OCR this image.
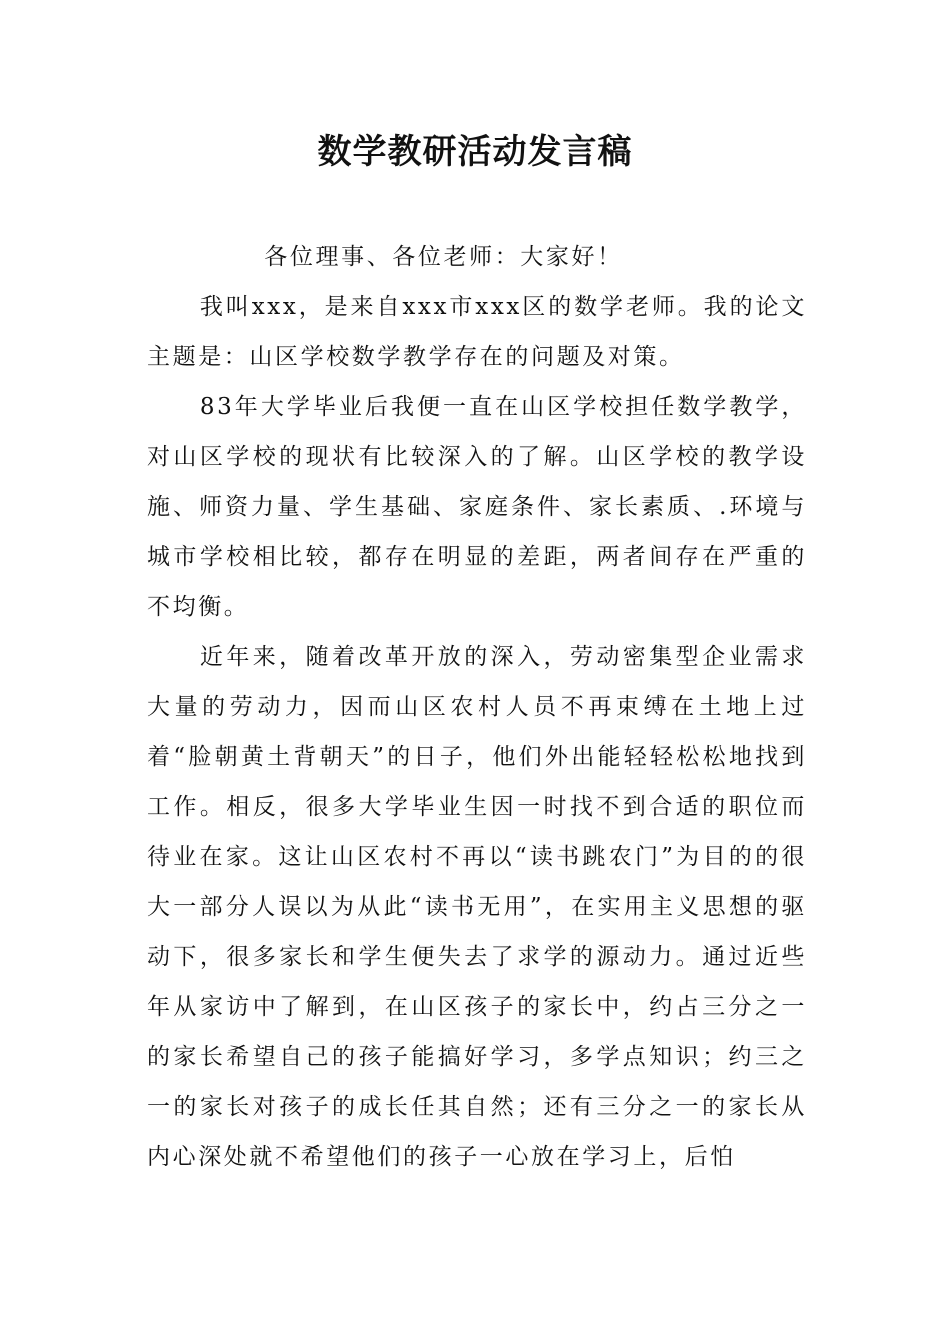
数学教研活动发言稿

各位理事、各位老师：大家好！

我叫xxx，是来自xxx市xxx区的数学老师。我的论文主题是：山区学校数学教学存在的问题及对策。

83年大学毕业后我便一直在山区学校担任数学教学，对山区学校的现状有比较深入的了解。山区学校的教学设施、师资力量、学生基础、家庭条件、家长素质、.环境与城市学校相比较，都存在明显的差距，两者间存在严重的不均衡。

近年来，随着改革开放的深入，劳动密集型企业需求大量的劳动力，因而山区农村人员不再束缚在土地上过着“脸朝黄土背朝天”的日子，他们外出能轻轻松松地找到工作。相反，很多大学毕业生因一时找不到合适的职位而待业在家。这让山区农村不再以“读书跳农门”为目的的很大一部分人误以为从此“读书无用”，在实用主义思想的驱动下，很多家长和学生便失去了求学的源动力。通过近些年从家访中了解到，在山区孩子的家长中，约占三分之一的家长希望自己的孩子能搞好学习，多学点知识；约三之一的家长对孩子的成长任其自然；还有三分之一的家长从内心深处就不希望他们的孩子一心放在学习上，后怕
